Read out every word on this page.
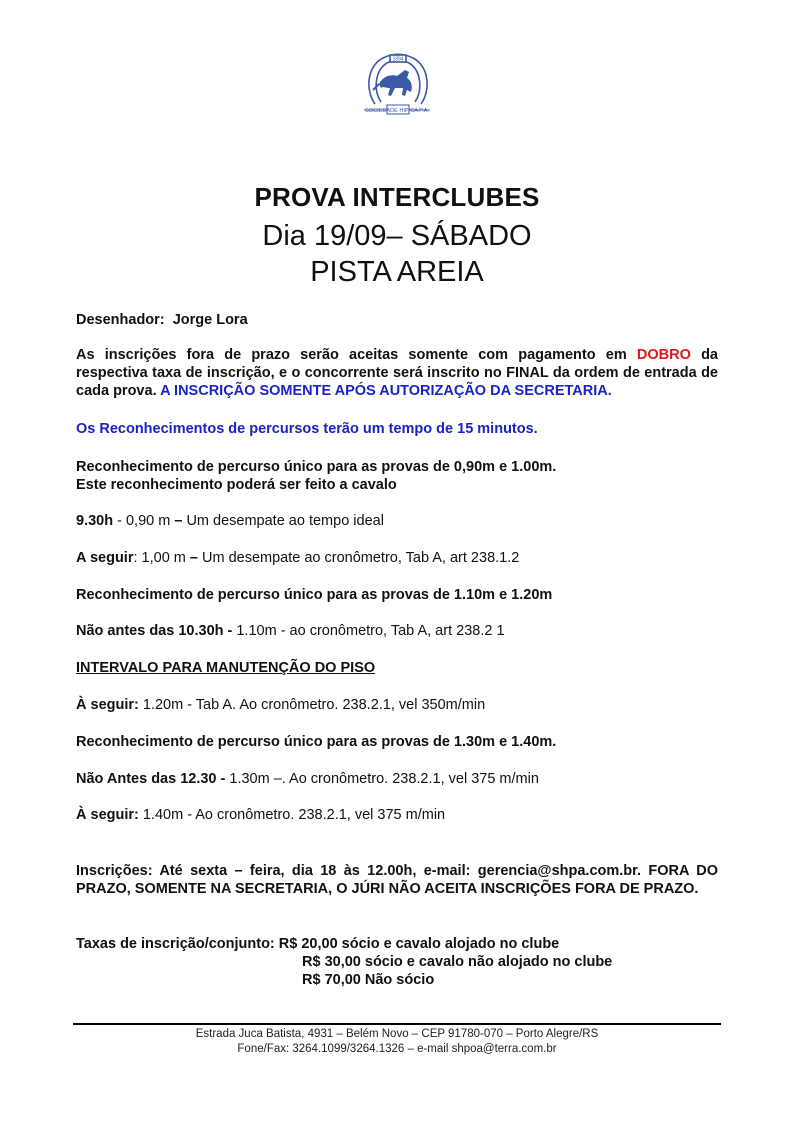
1894
SOCIEDADE HIPICA P.A.
PROVA INTERCLUBES
Dia 19/09– SÁBADO
PISTA AREIA
Desenhador: Jorge Lora
As inscrições fora de prazo serão aceitas somente com pagamento em DOBRO da respectiva taxa de inscrição, e o concorrente será inscrito no FINAL da ordem de entrada de cada prova. A INSCRIÇÃO SOMENTE APÓS AUTORIZAÇÃO DA SECRETARIA.
Os Reconhecimentos de percursos terão um tempo de 15 minutos.
Reconhecimento de percurso único para as provas de 0,90m e 1.00m.
Este reconhecimento poderá ser feito a cavalo
9.30h - 0,90 m – Um desempate ao tempo ideal
A seguir: 1,00 m – Um desempate ao cronômetro, Tab A, art 238.1.2
Reconhecimento de percurso único para as provas de 1.10m e 1.20m
Não antes das 10.30h - 1.10m - ao cronômetro, Tab A, art 238.2 1
INTERVALO PARA MANUTENÇÃO DO PISO
À seguir: 1.20m - Tab A. Ao cronômetro. 238.2.1, vel 350m/min
Reconhecimento de percurso único para as provas de 1.30m e 1.40m.
Não Antes das 12.30 - 1.30m –. Ao cronômetro. 238.2.1, vel 375 m/min
À seguir: 1.40m - Ao cronômetro. 238.2.1, vel 375 m/min
Inscrições: Até sexta – feira, dia 18 às 12.00h, e-mail: gerencia@shpa.com.br. FORA DO PRAZO, SOMENTE NA SECRETARIA, O JÚRI NÃO ACEITA INSCRIÇÕES FORA DE PRAZO.
Taxas de inscrição/conjunto: R$ 20,00 sócio e cavalo alojado no clube
R$ 30,00 sócio e cavalo não alojado no clube
R$ 70,00 Não sócio
Estrada Juca Batista, 4931 – Belém Novo – CEP 91780-070 – Porto Alegre/RS
Fone/Fax: 3264.1099/3264.1326 – e-mail shpoa@terra.com.br
